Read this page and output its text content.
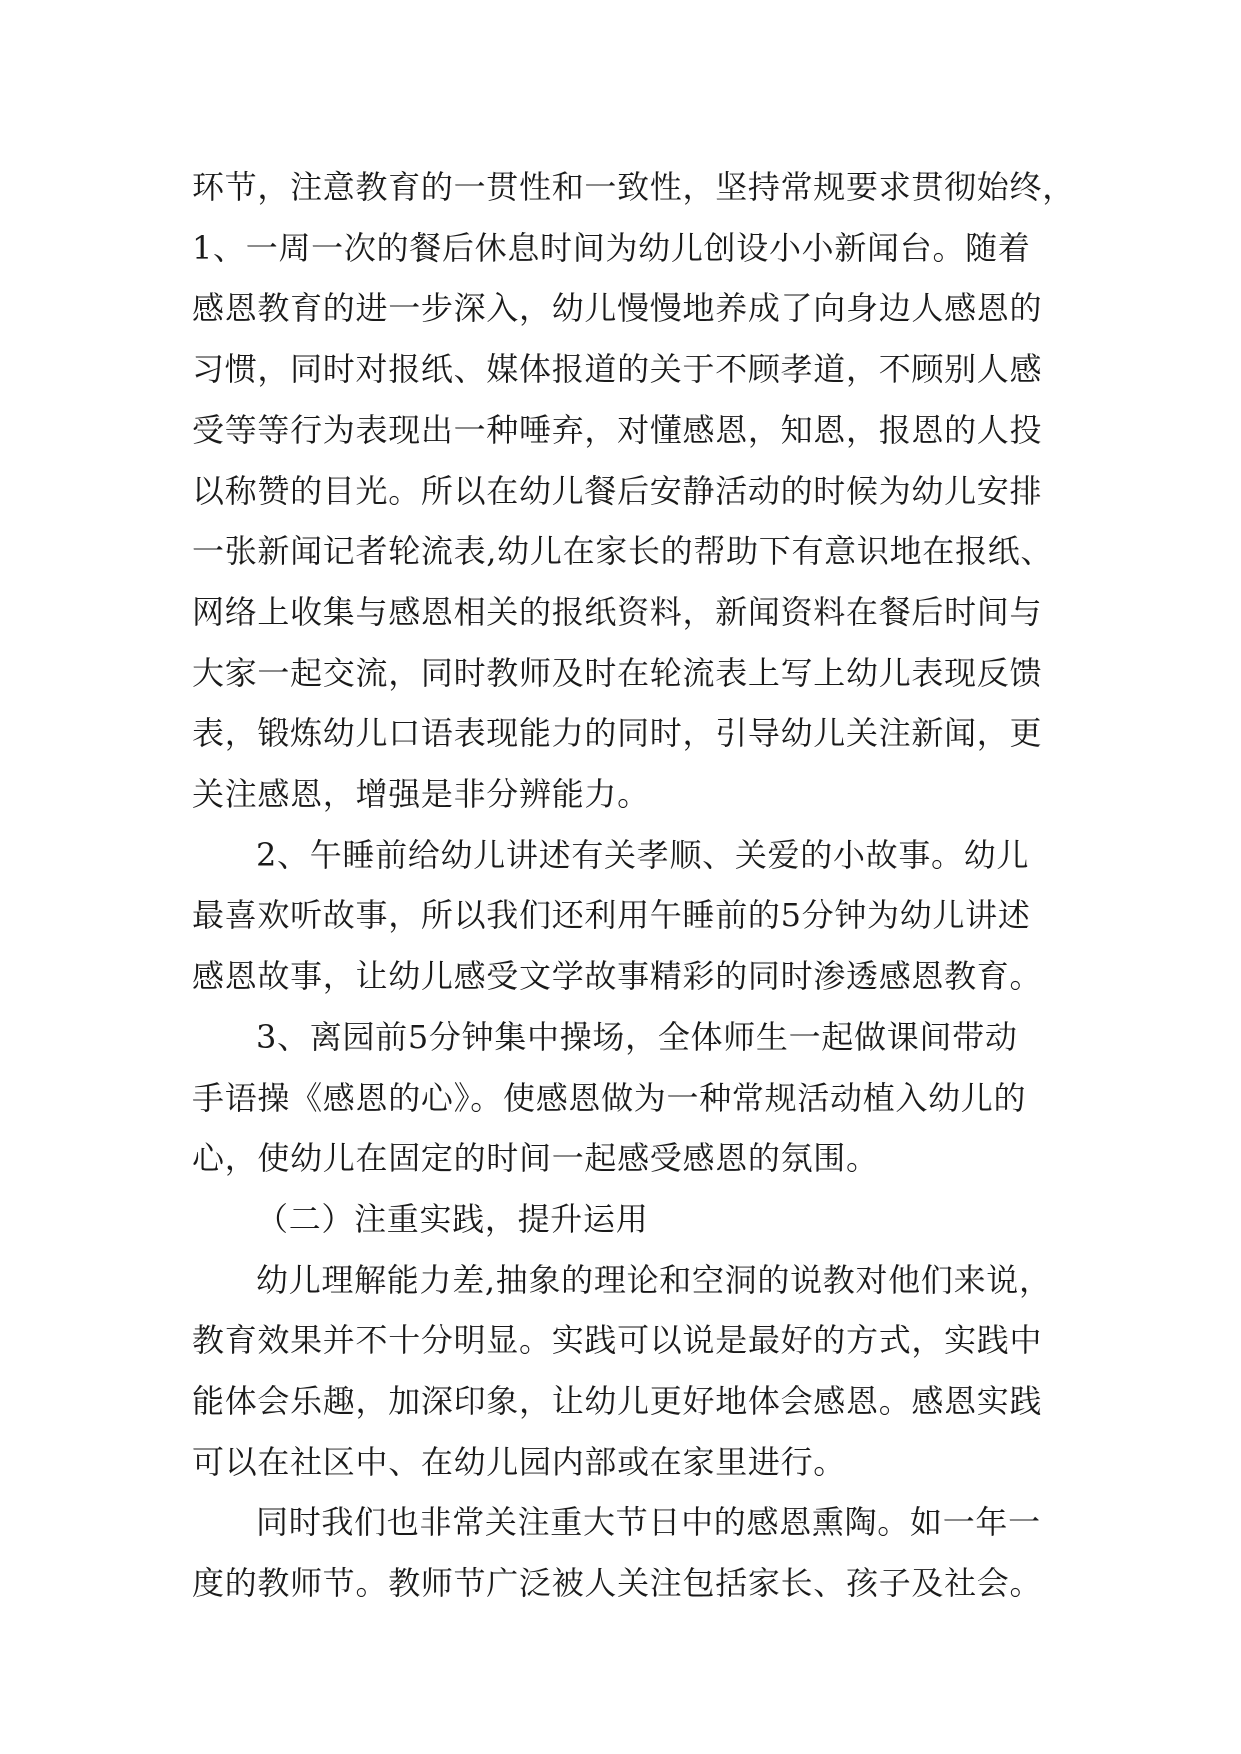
环节，注意教育的一贯性和一致性，坚持常规要求贯彻始终，
1、一周一次的餐后休息时间为幼儿创设小小新闻台。随着
感恩教育的进一步深入，幼儿慢慢地养成了向身边人感恩的
习惯，同时对报纸、媒体报道的关于不顾孝道，不顾别人感
受等等行为表现出一种唾弃，对懂感恩，知恩，报恩的人投
以称赞的目光。所以在幼儿餐后安静活动的时候为幼儿安排
一张新闻记者轮流表,幼儿在家长的帮助下有意识地在报纸、
网络上收集与感恩相关的报纸资料，新闻资料在餐后时间与
大家一起交流，同时教师及时在轮流表上写上幼儿表现反馈
表，锻炼幼儿口语表现能力的同时，引导幼儿关注新闻，更
关注感恩，增强是非分辨能力。

2、午睡前给幼儿讲述有关孝顺、关爱的小故事。幼儿
最喜欢听故事，所以我们还利用午睡前的5分钟为幼儿讲述
感恩故事，让幼儿感受文学故事精彩的同时渗透感恩教育。

3、离园前5分钟集中操场，全体师生一起做课间带动
手语操《感恩的心》。使感恩做为一种常规活动植入幼儿的
心，使幼儿在固定的时间一起感受感恩的氛围。

（二）注重实践，提升运用

幼儿理解能力差,抽象的理论和空洞的说教对他们来说，
教育效果并不十分明显。实践可以说是最好的方式，实践中
能体会乐趣，加深印象，让幼儿更好地体会感恩。感恩实践
可以在社区中、在幼儿园内部或在家里进行。

同时我们也非常关注重大节日中的感恩熏陶。如一年一
度的教师节。教师节广泛被人关注包括家长、孩子及社会。
